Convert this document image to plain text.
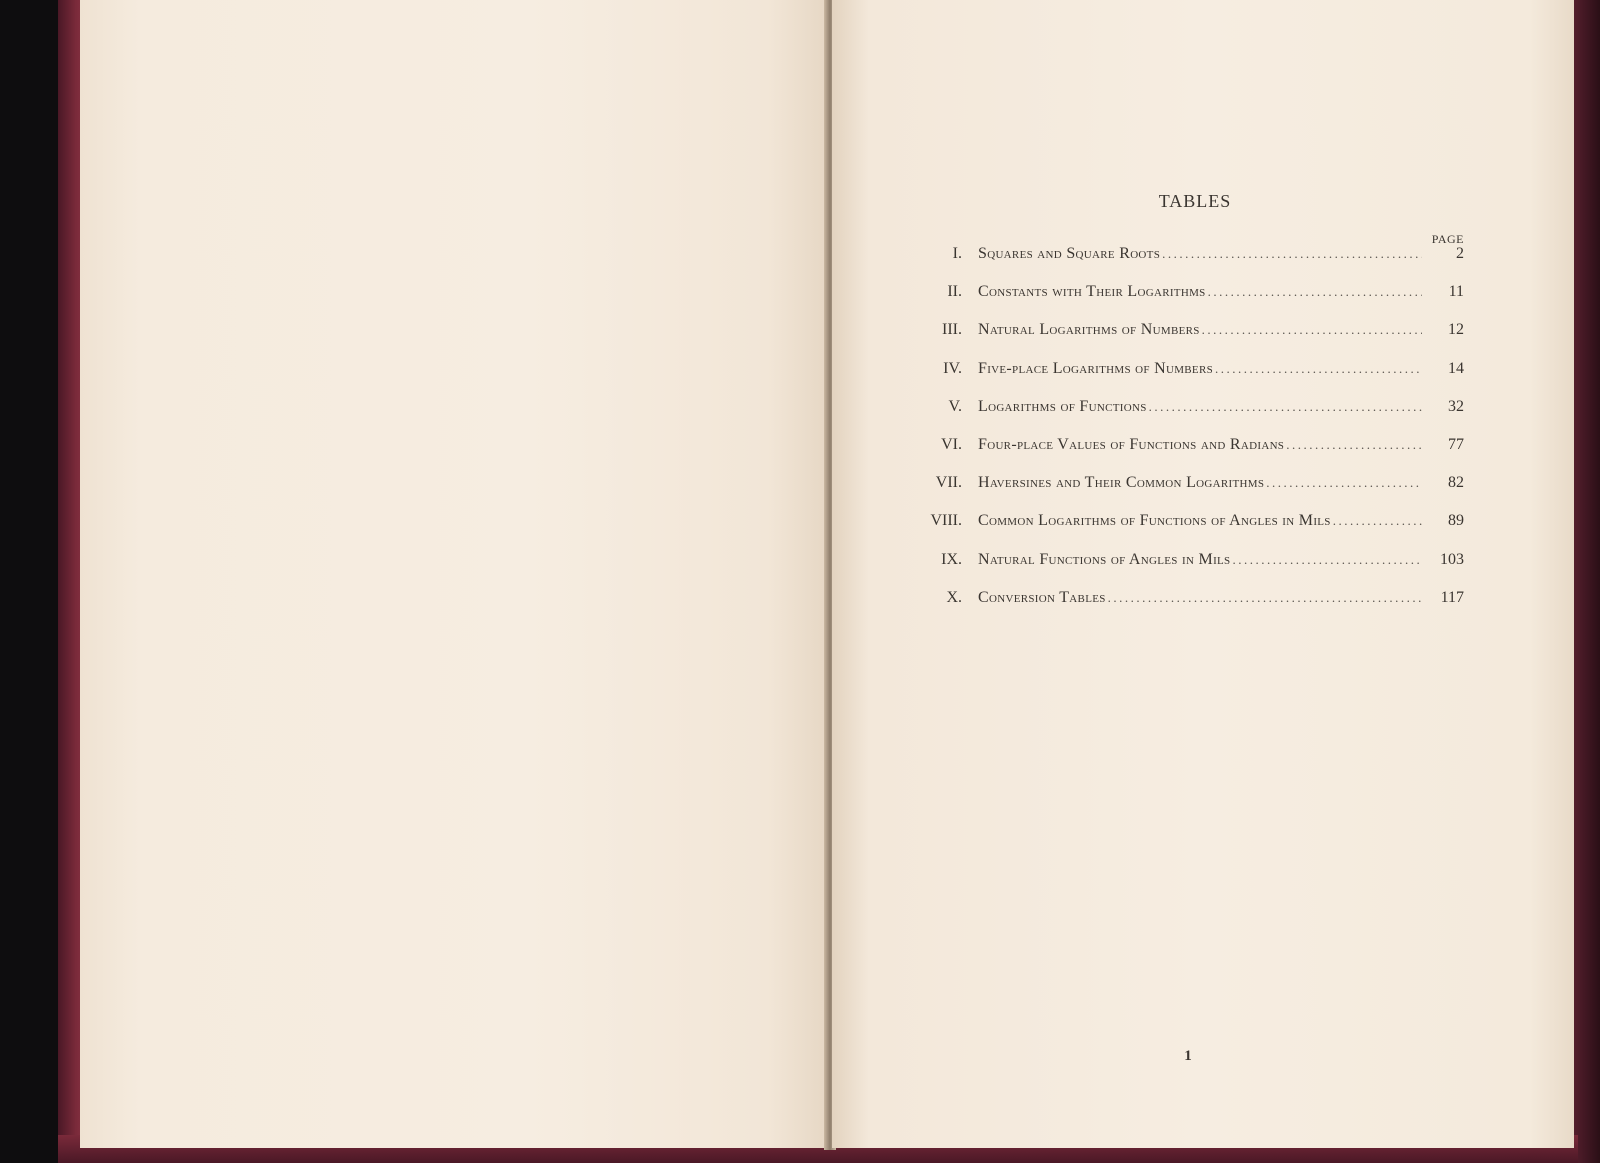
TABLES
PAGE
I.	Squares and Square Roots .....	2
II.	Constants with Their Logarithms .....	11
III.	Natural Logarithms of Numbers .....	12
IV.	Five-place Logarithms of Numbers .....	14
V.	Logarithms of Functions .....	32
VI.	Four-place Values of Functions and Radians .....	77
VII.	Haversines and Their Common Logarithms .....	82
VIII.	Common Logarithms of Functions of Angles in Mils .....	89
IX.	Natural Functions of Angles in Mils .....	103
X.	Conversion Tables .....	117
1
